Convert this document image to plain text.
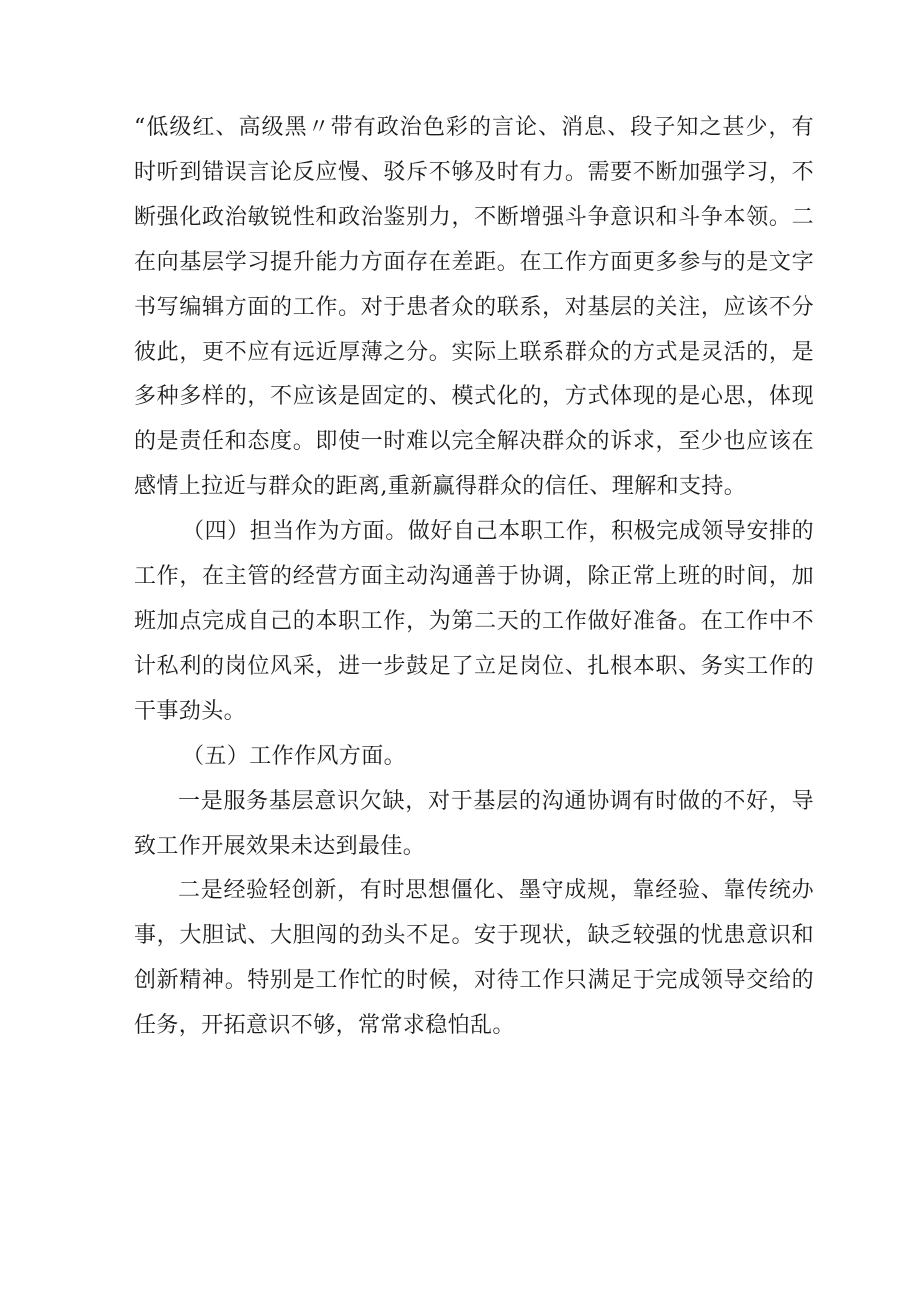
“低级红、高级黑〃带有政治色彩的言论、消息、段子知之甚少，有时听到错误言论反应慢、驳斥不够及时有力。需要不断加强学习，不断强化政治敏锐性和政治鉴别力，不断增强斗争意识和斗争本领。二在向基层学习提升能力方面存在差距。在工作方面更多参与的是文字书写编辑方面的工作。对于患者众的联系，对基层的关注，应该不分彼此，更不应有远近厚薄之分。实际上联系群众的方式是灵活的，是多种多样的，不应该是固定的、模式化的，方式体现的是心思，体现的是责任和态度。即使一时难以完全解决群众的诉求，至少也应该在感情上拉近与群众的距离,重新赢得群众的信任、理解和支持。

（四）担当作为方面。做好自己本职工作，积极完成领导安排的工作，在主管的经营方面主动沟通善于协调，除正常上班的时间，加班加点完成自己的本职工作，为第二天的工作做好准备。在工作中不计私利的岗位风采，进一步鼓足了立足岗位、扎根本职、务实工作的干事劲头。

（五）工作作风方面。

一是服务基层意识欠缺，对于基层的沟通协调有时做的不好，导致工作开展效果未达到最佳。

二是经验轻创新，有时思想僵化、墨守成规，靠经验、靠传统办事，大胆试、大胆闯的劲头不足。安于现状，缺乏较强的忧患意识和创新精神。特别是工作忙的时候，对待工作只满足于完成领导交给的任务，开拓意识不够，常常求稳怕乱。
